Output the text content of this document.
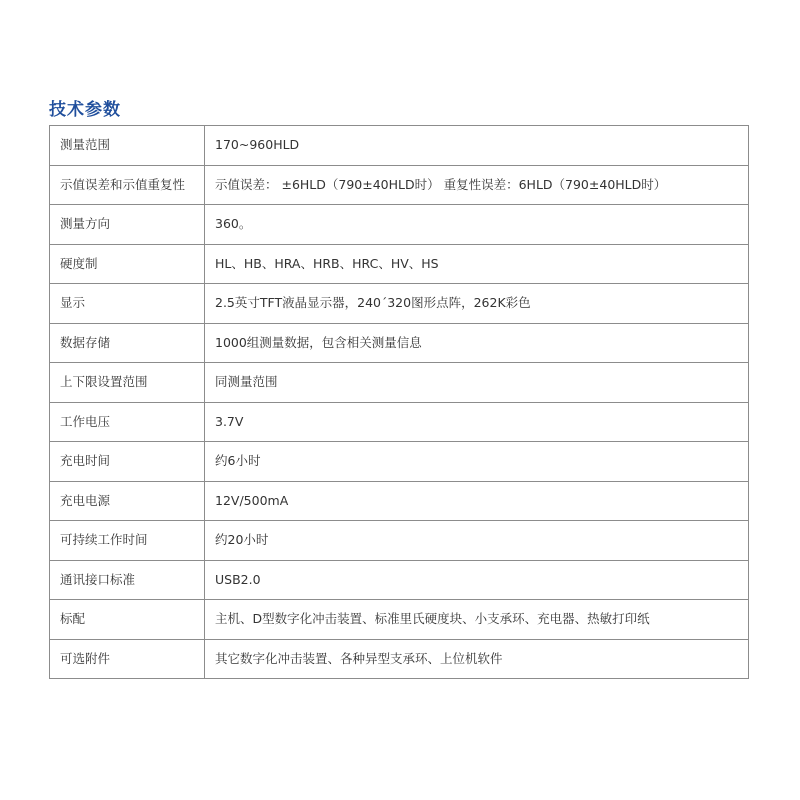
技术参数
测量范围	170~960HLD
示值误差和示值重复性	示值误差： ±6HLD（790±40HLD时） 重复性误差：6HLD（790±40HLD时）
测量方向	360。
硬度制	HL、HB、HRA、HRB、HRC、HV、HS
显示	2.5英寸TFT液晶显示器，240´320图形点阵，262K彩色
数据存储	1000组测量数据，包含相关测量信息
上下限设置范围	同测量范围
工作电压	3.7V
充电时间	约6小时
充电电源	12V/500mA
可持续工作时间	约20小时
通讯接口标准	USB2.0
标配	主机、D型数字化冲击装置、标准里氏硬度块、小支承环、充电器、热敏打印纸
可选附件	其它数字化冲击装置、各种异型支承环、上位机软件
